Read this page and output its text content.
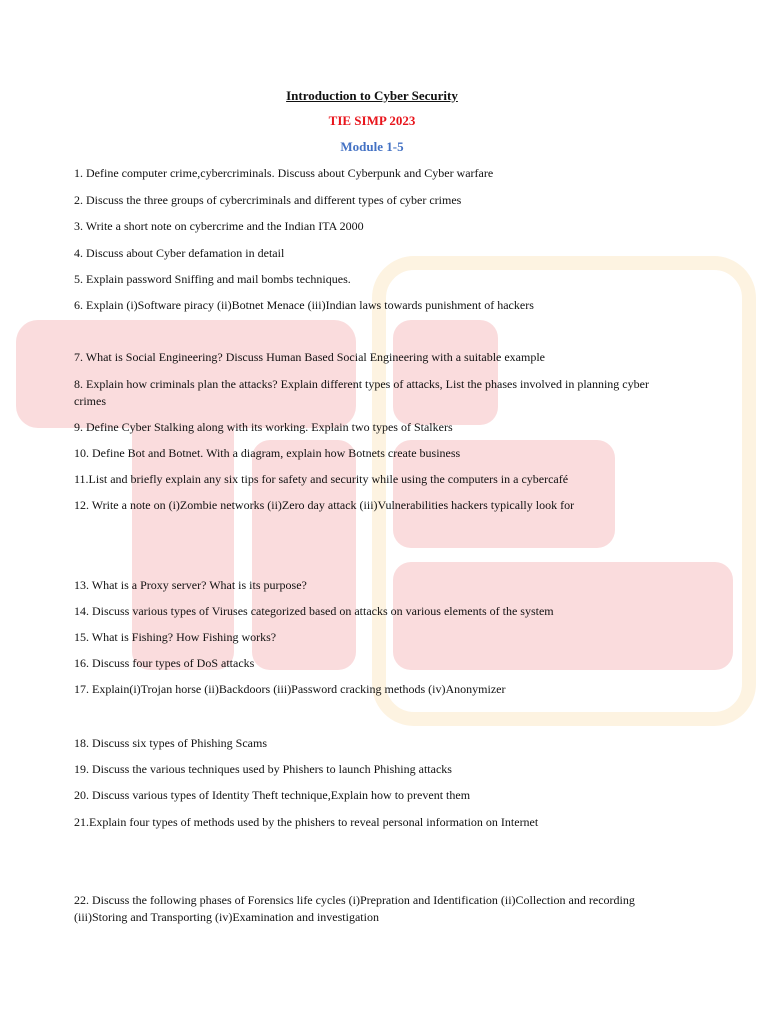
Introduction to Cyber Security
TIE SIMP 2023
Module 1-5
1. Define computer crime,cybercriminals. Discuss about Cyberpunk and Cyber warfare
2. Discuss the three groups of cybercriminals and different types of cyber crimes
3. Write a short note on cybercrime and the Indian ITA 2000
4. Discuss about Cyber defamation in detail
5. Explain password Sniffing and mail bombs techniques.
6. Explain (i)Software piracy (ii)Botnet Menace (iii)Indian laws towards punishment of hackers
7. What is Social Engineering? Discuss Human Based Social Engineering with a suitable example
8. Explain how criminals plan the attacks? Explain different types of attacks, List the phases involved in planning cyber crimes
9. Define Cyber Stalking along with its working. Explain two types of Stalkers
10. Define Bot and Botnet. With a diagram, explain how Botnets create business
11.List and briefly explain any six tips for safety and security while using the computers in a cybercafé
12. Write a note on (i)Zombie networks (ii)Zero day attack (iii)Vulnerabilities hackers typically look for
13. What is a Proxy server? What is its purpose?
14. Discuss various types of Viruses categorized based on attacks on various elements of the system
15. What is Fishing? How Fishing works?
16. Discuss four types of DoS attacks
17. Explain(i)Trojan horse (ii)Backdoors (iii)Password cracking methods (iv)Anonymizer
18. Discuss six types of Phishing Scams
19. Discuss the various techniques used by Phishers to launch Phishing attacks
20. Discuss various types of Identity Theft technique,Explain how to prevent them
21.Explain four types of methods used by the phishers to reveal personal information on Internet
22. Discuss the following phases of Forensics life cycles (i)Prepration and Identification (ii)Collection and recording (iii)Storing and Transporting (iv)Examination and investigation
